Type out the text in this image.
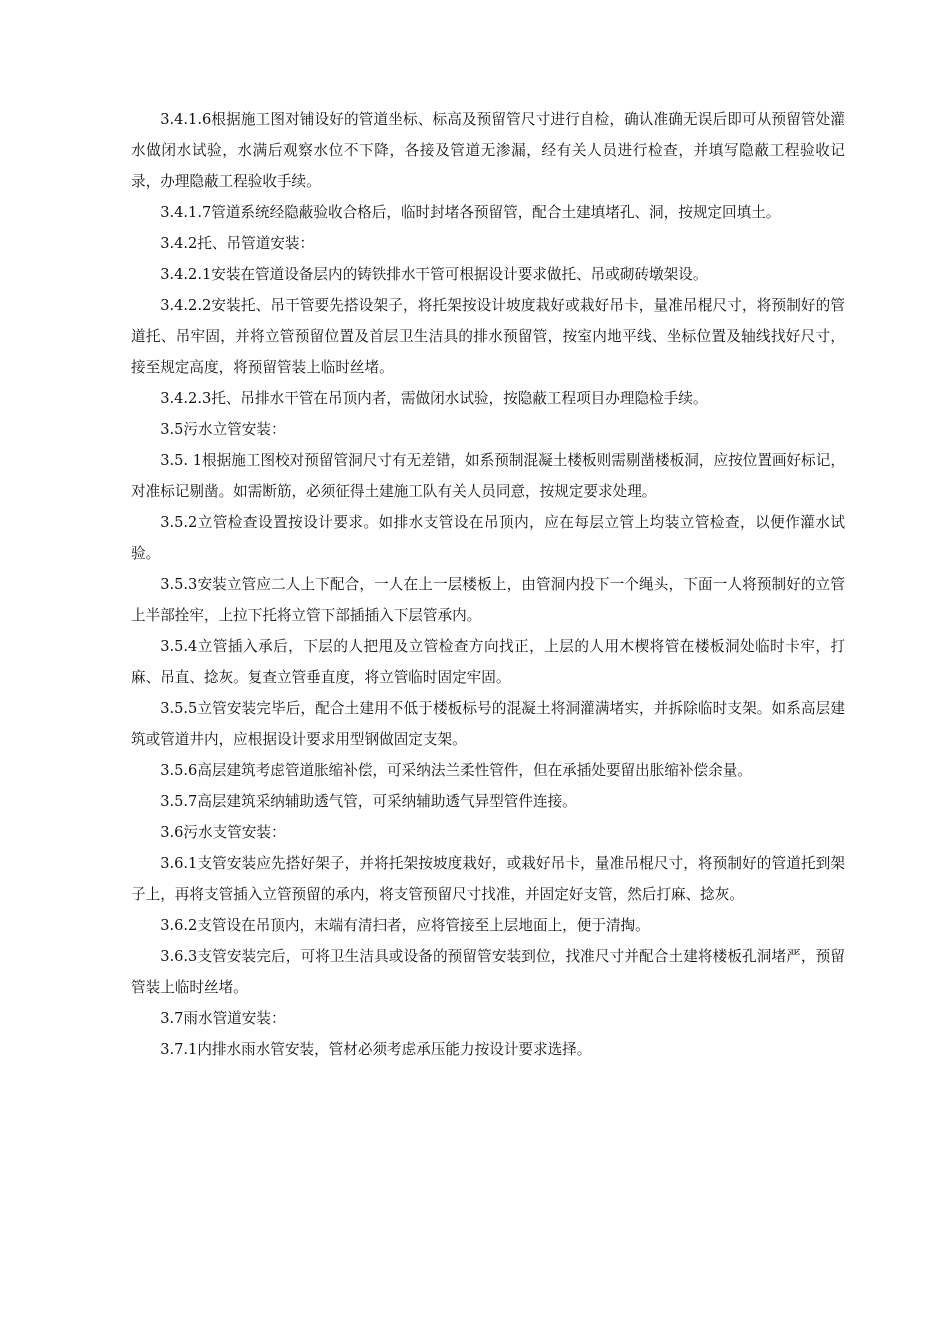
3.4.1.6根据施工图对铺设好的管道坐标、标高及预留管尺寸进行自检，确认准确无误后即可从预留管处灌水做闭水试验，水满后观察水位不下降，各接及管道无渗漏，经有关人员进行检查，并填写隐蔽工程验收记录，办理隐蔽工程验收手续。

3.4.1.7管道系统经隐蔽验收合格后，临时封堵各预留管，配合土建填堵孔、洞，按规定回填土。

3.4.2托、吊管道安装：

3.4.2.1安装在管道设备层内的铸铁排水干管可根据设计要求做托、吊或砌砖墩架设。

3.4.2.2安装托、吊干管要先搭设架子，将托架按设计坡度栽好或栽好吊卡，量准吊棍尺寸，将预制好的管道托、吊牢固，并将立管预留位置及首层卫生洁具的排水预留管，按室内地平线、坐标位置及轴线找好尺寸，接至规定高度，将预留管装上临时丝堵。

3.4.2.3托、吊排水干管在吊顶内者，需做闭水试验，按隐蔽工程项目办理隐检手续。

3.5污水立管安装：

3.5. 1根据施工图校对预留管洞尺寸有无差错，如系预制混凝土楼板则需剔凿楼板洞，应按位置画好标记，对准标记剔凿。如需断筋，必须征得土建施工队有关人员同意，按规定要求处理。

3.5.2立管检查设置按设计要求。如排水支管设在吊顶内，应在每层立管上均装立管检查，以便作灌水试验。

3.5.3安装立管应二人上下配合，一人在上一层楼板上，由管洞内投下一个绳头，下面一人将预制好的立管上半部拴牢，上拉下托将立管下部插插入下层管承内。

3.5.4立管插入承后，下层的人把甩及立管检查方向找正，上层的人用木楔将管在楼板洞处临时卡牢，打麻、吊直、捻灰。复查立管垂直度，将立管临时固定牢固。

3.5.5立管安装完毕后，配合土建用不低于楼板标号的混凝土将洞灌满堵实，并拆除临时支架。如系高层建筑或管道井内，应根据设计要求用型钢做固定支架。

3.5.6高层建筑考虑管道胀缩补偿，可采纳法兰柔性管件，但在承插处要留出胀缩补偿余量。

3.5.7高层建筑采纳辅助透气管，可采纳辅助透气异型管件连接。

3.6污水支管安装：

3.6.1支管安装应先搭好架子，并将托架按坡度栽好，或栽好吊卡，量准吊棍尺寸，将预制好的管道托到架子上，再将支管插入立管预留的承内，将支管预留尺寸找准，并固定好支管，然后打麻、捻灰。

3.6.2支管设在吊顶内，末端有清扫者，应将管接至上层地面上，便于清掏。

3.6.3支管安装完后，可将卫生洁具或设备的预留管安装到位，找准尺寸并配合土建将楼板孔洞堵严，预留管装上临时丝堵。

3.7雨水管道安装：

3.7.1内排水雨水管安装，管材必须考虑承压能力按设计要求选择。
